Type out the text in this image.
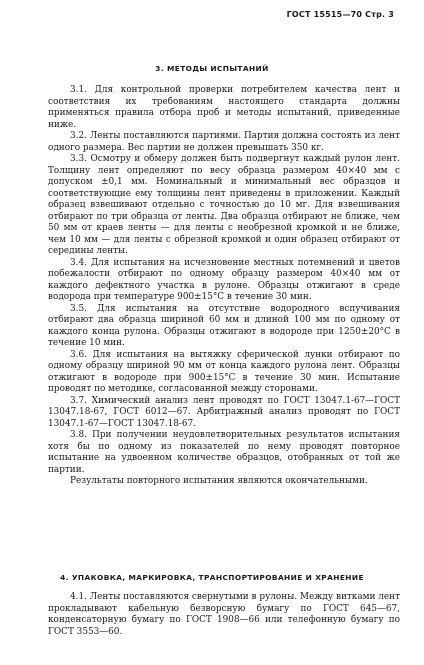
ГОСТ 15515—70 Стр. 3
3. МЕТОДЫ ИСПЫТАНИЙ

3.1. Для контрольной проверки потребителем качества лент и соответствия их требованиям настоящего стандарта должны применяться правила отбора проб и методы испытаний, приведенные ниже.

3.2. Ленты поставляются партиями. Партия должна состоять из лент одного размера. Вес партии не должен превышать 350 кг.

3.3. Осмотру и обмеру должен быть подвергнут каждый рулон лент. Толщину лент определяют по весу образца размером 40×40 мм с допуском ±0,1 мм. Номинальный и минимальный вес образцов и соответствующие ему толщины лент приведены в приложении. Каждый образец взвешивают отдельно с точностью до 10 мг. Для взвешивания отбирают по три образца от ленты. Два образца отбирают не ближе, чем 50 мм от краев ленты — для ленты с необрезной кромкой и не ближе, чем 10 мм — для ленты с обрезной кромкой и один образец отбирают от середины ленты.

3.4. Для испытания на исчезновение местных потемнений и цветов побежалости отбирают по одному образцу размером 40×40 мм от каждого дефектного участка в рулоне. Образцы отжигают в среде водорода при температуре 900±15°С в течение 30 мин.

3.5. Для испытания на отсутствие водородного вспучивания отбирают два образца шириной 60 мм и длиной 100 мм по одному от каждого конца рулона. Образцы отжигают в водороде при 1250±20°С в течение 10 мин.

3.6. Для испытания на вытяжку сферической лунки отбирают по одному образцу шириной 90 мм от конца каждого рулона лент. Образцы отжигают в водороде при 900±15°С в течение 30 мин. Испытание проводят по методике, согласованной между сторонами.

3.7. Химический анализ лент проводят по ГОСТ 13047.1-67—ГОСТ 13047.18-67, ГОСТ 6012—67. Арбитражный анализ проводят по ГОСТ 13047.1-67—ГОСТ 13047.18-67.

3.8. При получении неудовлетворительных результатов испытания хотя бы по одному из показателей по нему проводят повторное испытание на удвоенном количестве образцов, отобранных от той же партии.

Результаты повторного испытания являются окончательными.

4. УПАКОВКА, МАРКИРОВКА, ТРАНСПОРТИРОВАНИЕ И ХРАНЕНИЕ

4.1. Ленты поставляются свернутыми в рулоны. Между витками лент прокладывают кабельную безворсную бумагу по ГОСТ 645—67, конденсаторную бумагу по ГОСТ 1908—66 или телефонную бумагу по ГОСТ 3553—60.
